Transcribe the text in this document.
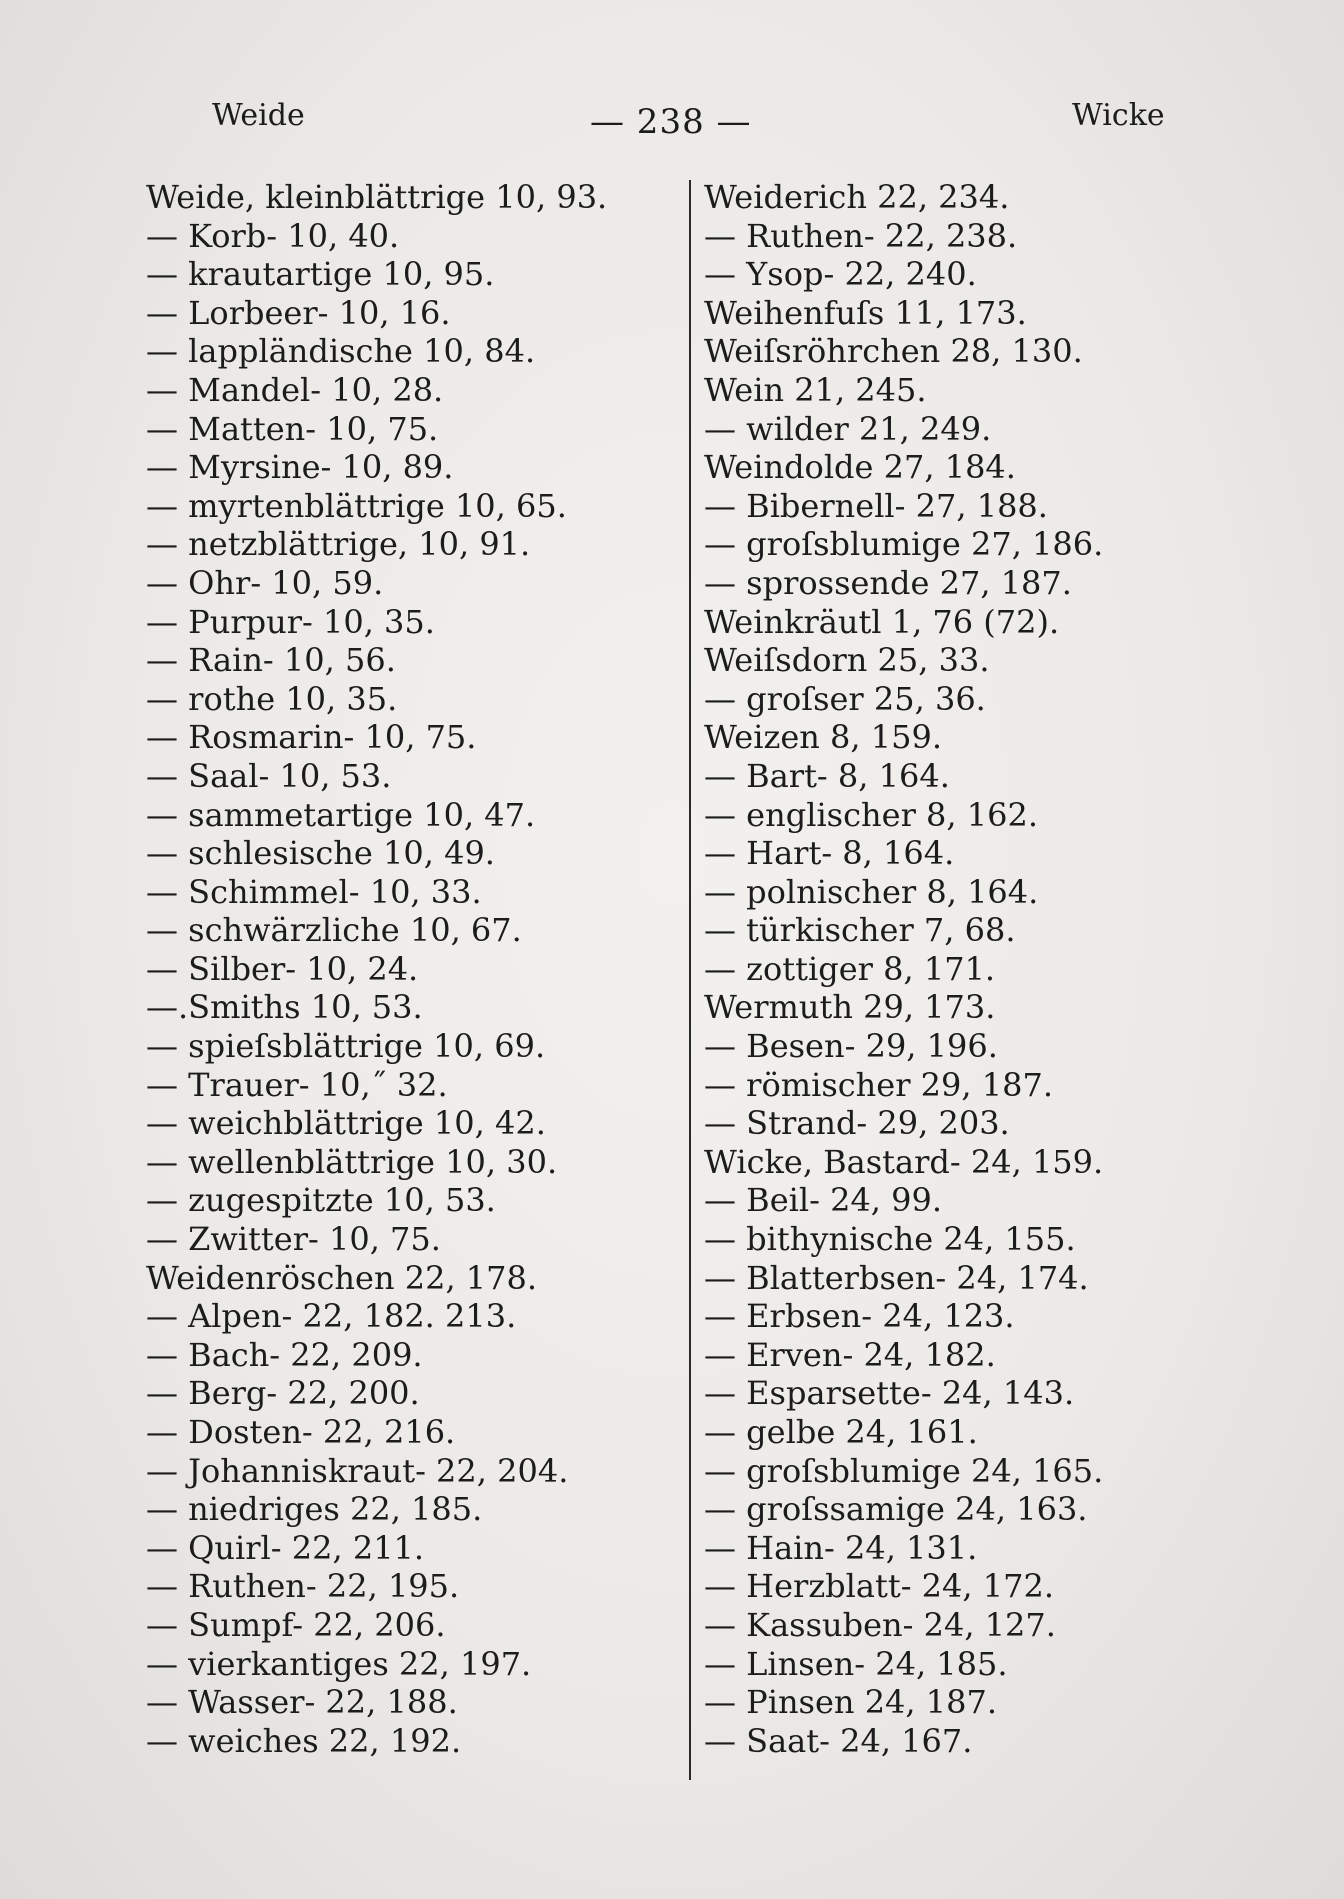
Weide	— 238 —	Wicke
Weide, kleinblättrige 10, 93.
— Korb- 10, 40.
— krautartige 10, 95.
— Lorbeer- 10, 16.
— lappländische 10, 84.
— Mandel- 10, 28.
— Matten- 10, 75.
— Myrsine- 10, 89.
— myrtenblättrige 10, 65.
— netzblättrige, 10, 91.
— Ohr- 10, 59.
— Purpur- 10, 35.
— Rain- 10, 56.
— rothe 10, 35.
— Rosmarin- 10, 75.
— Saal- 10, 53.
— sammetartige 10, 47.
— schlesische 10, 49.
— Schimmel- 10, 33.
— schwärzliche 10, 67.
— Silber- 10, 24.
—.Smiths 10, 53.
— spieſsblättrige 10, 69.
— Trauer- 10,˝ 32.
— weichblättrige 10, 42.
— wellenblättrige 10, 30.
— zugespitzte 10, 53.
— Zwitter- 10, 75.
Weidenröschen 22, 178.
— Alpen- 22, 182. 213.
— Bach- 22, 209.
— Berg- 22, 200.
— Dosten- 22, 216.
— Johanniskraut- 22, 204.
— niedriges 22, 185.
— Quirl- 22, 211.
— Ruthen- 22, 195.
— Sumpf- 22, 206.
— vierkantiges 22, 197.
— Wasser- 22, 188.
— weiches 22, 192.
Weiderich 22, 234.
— Ruthen- 22, 238.
— Ysop- 22, 240.
Weihenfuſs 11, 173.
Weiſsröhrchen 28, 130.
Wein 21, 245.
— wilder 21, 249.
Weindolde 27, 184.
— Bibernell- 27, 188.
— groſsblumige 27, 186.
— sprossende 27, 187.
Weinkräutl 1, 76 (72).
Weiſsdorn 25, 33.
— groſser 25, 36.
Weizen 8, 159.
— Bart- 8, 164.
— englischer 8, 162.
— Hart- 8, 164.
— polnischer 8, 164.
— türkischer 7, 68.
— zottiger 8, 171.
Wermuth 29, 173.
— Besen- 29, 196.
— römischer 29, 187.
— Strand- 29, 203.
Wicke, Bastard- 24, 159.
— Beil- 24, 99.
— bithynische 24, 155.
— Blatterbsen- 24, 174.
— Erbsen- 24, 123.
— Erven- 24, 182.
— Esparsette- 24, 143.
— gelbe 24, 161.
— groſsblumige 24, 165.
— groſssamige 24, 163.
— Hain- 24, 131.
— Herzblatt- 24, 172.
— Kassuben- 24, 127.
— Linsen- 24, 185.
— Pinsen 24, 187.
— Saat- 24, 167.
